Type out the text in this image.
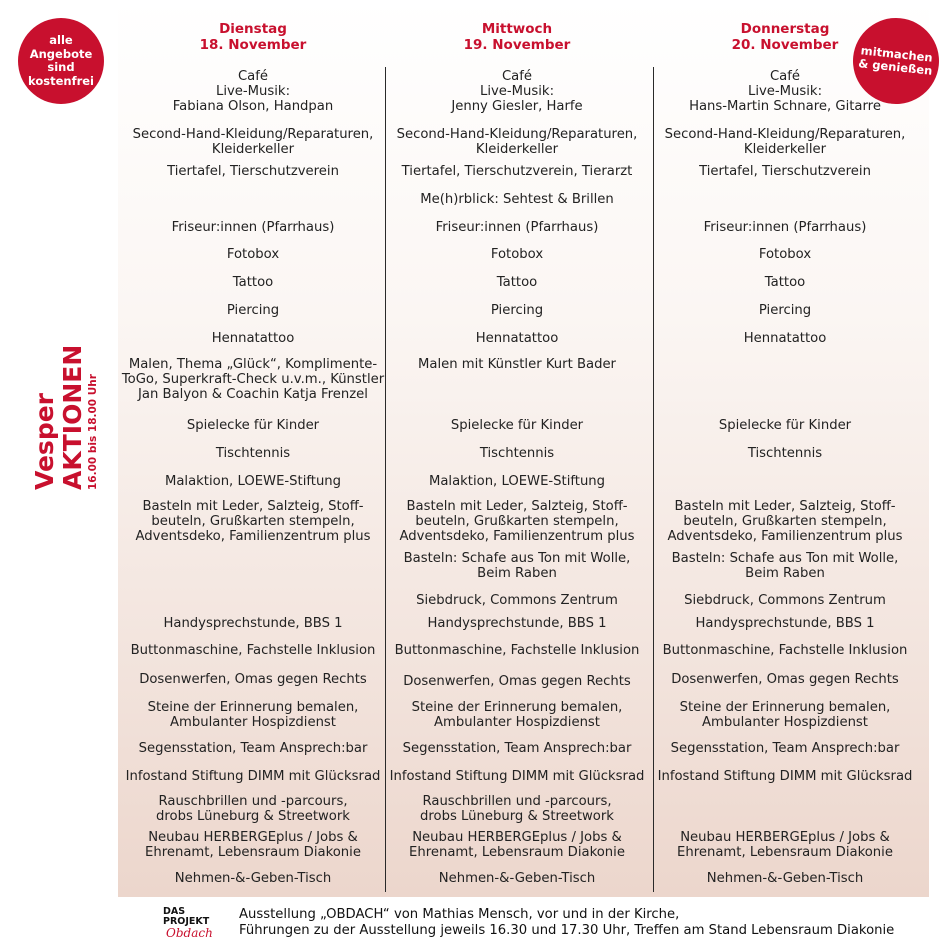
alle
Angebote
sind
kostenfrei
mitmachen
& genießen
Vesper
AKTIONEN 16.00 bis 18.00 Uhr
Dienstag
18. November
Mittwoch
19. November
Donnerstag
20. November
Café
Live-Musik:
Fabiana Olson, Handpan
Second-Hand-Kleidung/Reparaturen,
Kleiderkeller
Tiertafel, Tierschutzverein
Friseur:innen (Pfarrhaus)
Fotobox
Tattoo
Piercing
Hennatattoo
Malen, Thema „Glück“, Komplimente-
ToGo, Superkraft-Check u.v.m., Künstler
Jan Balyon & Coachin Katja Frenzel
Spielecke für Kinder
Tischtennis
Malaktion, LOEWE-Stiftung
Basteln mit Leder, Salzteig, Stoff-
beuteln, Grußkarten stempeln,
Adventsdeko, Familienzentrum plus
Handysprechstunde, BBS 1
Buttonmaschine, Fachstelle Inklusion
Dosenwerfen, Omas gegen Rechts
Steine der Erinnerung bemalen,
Ambulanter Hospizdienst
Segensstation, Team Ansprech:bar
Infostand Stiftung DIMM mit Glücksrad
Rauschbrillen und -parcours,
drobs Lüneburg & Streetwork
Neubau HERBERGEplus / Jobs &
Ehrenamt, Lebensraum Diakonie
Nehmen-&-Geben-Tisch
Café
Live-Musik:
Jenny Giesler, Harfe
Second-Hand-Kleidung/Reparaturen,
Kleiderkeller
Tiertafel, Tierschutzverein, Tierarzt
Me(h)rblick: Sehtest & Brillen
Friseur:innen (Pfarrhaus)
Fotobox
Tattoo
Piercing
Hennatattoo
Malen mit Künstler Kurt Bader
Spielecke für Kinder
Tischtennis
Malaktion, LOEWE-Stiftung
Basteln mit Leder, Salzteig, Stoff-
beuteln, Grußkarten stempeln,
Adventsdeko, Familienzentrum plus
Basteln: Schafe aus Ton mit Wolle,
Beim Raben
Siebdruck, Commons Zentrum
Handysprechstunde, BBS 1
Buttonmaschine, Fachstelle Inklusion
Dosenwerfen, Omas gegen Rechts
Steine der Erinnerung bemalen,
Ambulanter Hospizdienst
Segensstation, Team Ansprech:bar
Infostand Stiftung DIMM mit Glücksrad
Rauschbrillen und -parcours,
drobs Lüneburg & Streetwork
Neubau HERBERGEplus / Jobs &
Ehrenamt, Lebensraum Diakonie
Nehmen-&-Geben-Tisch
Café
Live-Musik:
Hans-Martin Schnare, Gitarre
Second-Hand-Kleidung/Reparaturen,
Kleiderkeller
Tiertafel, Tierschutzverein
Friseur:innen (Pfarrhaus)
Fotobox
Tattoo
Piercing
Hennatattoo
Spielecke für Kinder
Tischtennis
Basteln mit Leder, Salzteig, Stoff-
beuteln, Grußkarten stempeln,
Adventsdeko, Familienzentrum plus
Basteln: Schafe aus Ton mit Wolle,
Beim Raben
Siebdruck, Commons Zentrum
Handysprechstunde, BBS 1
Buttonmaschine, Fachstelle Inklusion
Dosenwerfen, Omas gegen Rechts
Steine der Erinnerung bemalen,
Ambulanter Hospizdienst
Segensstation, Team Ansprech:bar
Infostand Stiftung DIMM mit Glücksrad
Neubau HERBERGEplus / Jobs &
Ehrenamt, Lebensraum Diakonie
Nehmen-&-Geben-Tisch
DAS
PROJEKT
Obdach
Ausstellung „OBDACH“ von Mathias Mensch, vor und in der Kirche,
Führungen zu der Ausstellung jeweils 16.30 und 17.30 Uhr, Treffen am Stand Lebensraum Diakonie
